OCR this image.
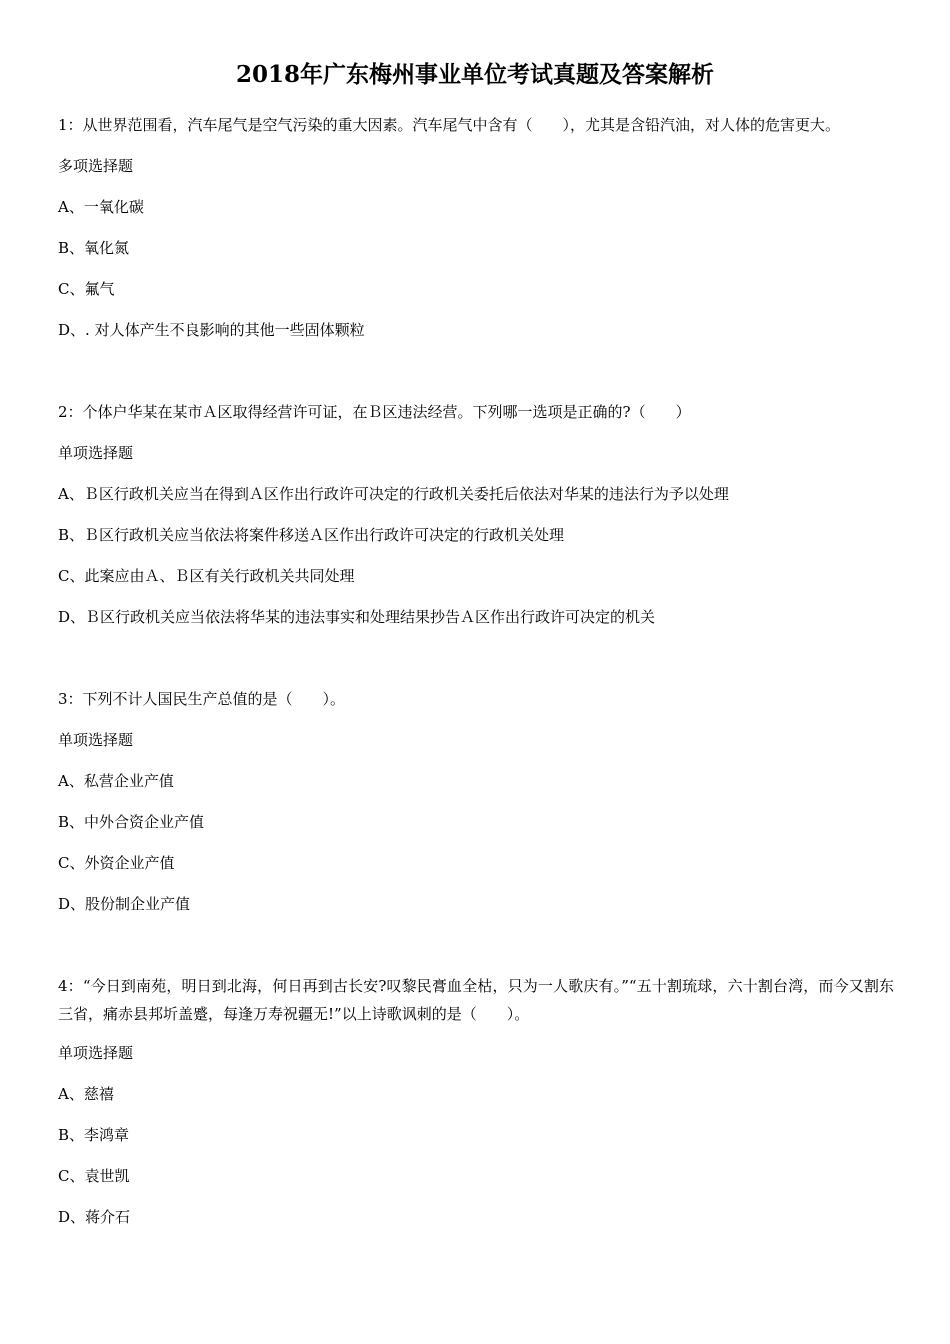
2018年广东梅州事业单位考试真题及答案解析
1：从世界范围看，汽车尾气是空气污染的重大因素。汽车尾气中含有（　　），尤其是含铅汽油，对人体的危害更大。
多项选择题
A、一氧化碳
B、氧化氮
C、氟气
D、. 对人体产生不良影响的其他一些固体颗粒
2：个体户华某在某市Ａ区取得经营许可证，在Ｂ区违法经营。下列哪一选项是正确的?（　　）
单项选择题
A、Ｂ区行政机关应当在得到Ａ区作出行政许可决定的行政机关委托后依法对华某的违法行为予以处理
B、Ｂ区行政机关应当依法将案件移送Ａ区作出行政许可决定的行政机关处理
C、此案应由Ａ、Ｂ区有关行政机关共同处理
D、Ｂ区行政机关应当依法将华某的违法事实和处理结果抄告Ａ区作出行政许可决定的机关
3：下列不计人国民生产总值的是（　　）。
单项选择题
A、私营企业产值
B、中外合资企业产值
C、外资企业产值
D、股份制企业产值
4：“今日到南苑，明日到北海，何日再到古长安?叹黎民膏血全枯，只为一人歌庆有。”“五十割琉球，六十割台湾，而今又割东三省，痛赤县邦圻盖蹙，每逢万寿祝疆无!”以上诗歌讽刺的是（　　）。
单项选择题
A、慈禧
B、李鸿章
C、袁世凯
D、蒋介石
